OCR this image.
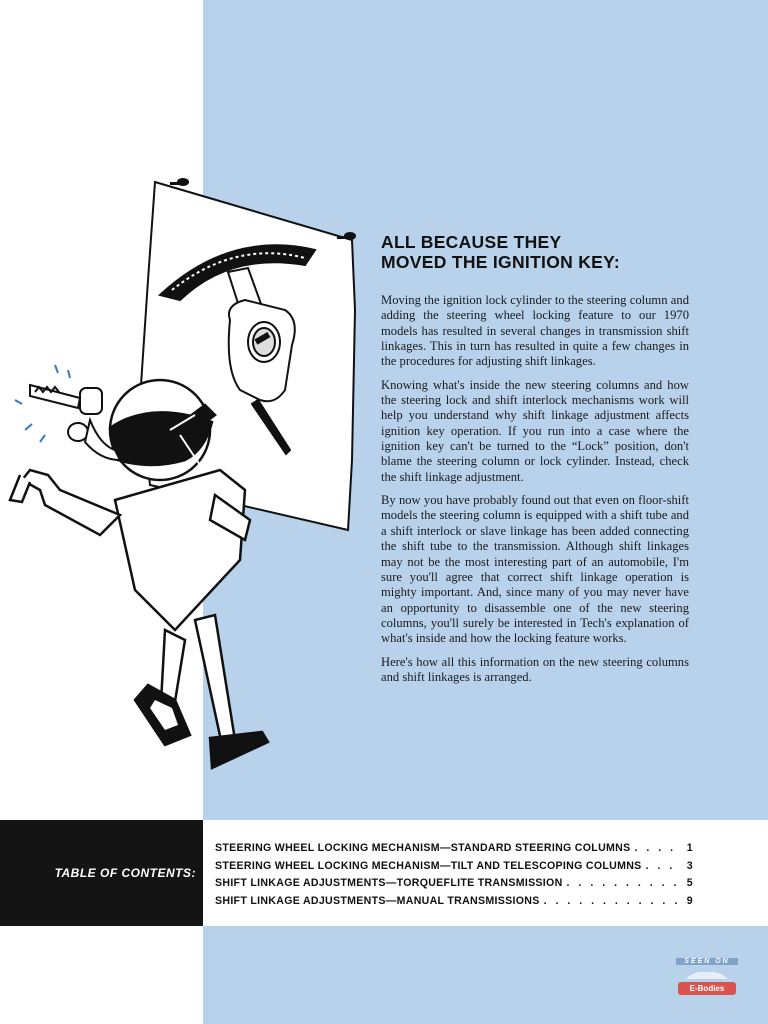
ALL BECAUSE THEY
MOVED THE IGNITION KEY:

Moving the ignition lock cylinder to the steering column and adding the steering wheel locking feature to our 1970 models has resulted in several changes in transmission shift linkages. This in turn has resulted in quite a few changes in the procedures for adjusting shift linkages.

Knowing what's inside the new steering columns and how the steering lock and shift interlock mechanisms work will help you understand why shift linkage adjustment affects ignition key operation. If you run into a case where the ignition key can't be turned to the “Lock” position, don't blame the steering column or lock cylinder. Instead, check the shift linkage adjustment.

By now you have probably found out that even on floor-shift models the steering column is equipped with a shift tube and a shift interlock or slave linkage has been added connecting the shift tube to the transmission. Although shift linkages may not be the most interesting part of an automobile, I'm sure you'll agree that correct shift linkage operation is mighty important. And, since many of you may never have an opportunity to disassemble one of the new steering columns, you'll surely be interested in Tech's explanation of what's inside and how the locking feature works.

Here's how all this information on the new steering columns and shift linkages is arranged.

TABLE OF CONTENTS:
STEERING WHEEL LOCKING MECHANISM—STANDARD STEERING COLUMNS . . .	1
STEERING WHEEL LOCKING MECHANISM—TILT AND TELESCOPING COLUMNS . . .	3
SHIFT LINKAGE ADJUSTMENTS—TORQUEFLITE TRANSMISSION . . .	5
SHIFT LINKAGE ADJUSTMENTS—MANUAL TRANSMISSIONS . . .	9
SEEN ON
E-Bodies
